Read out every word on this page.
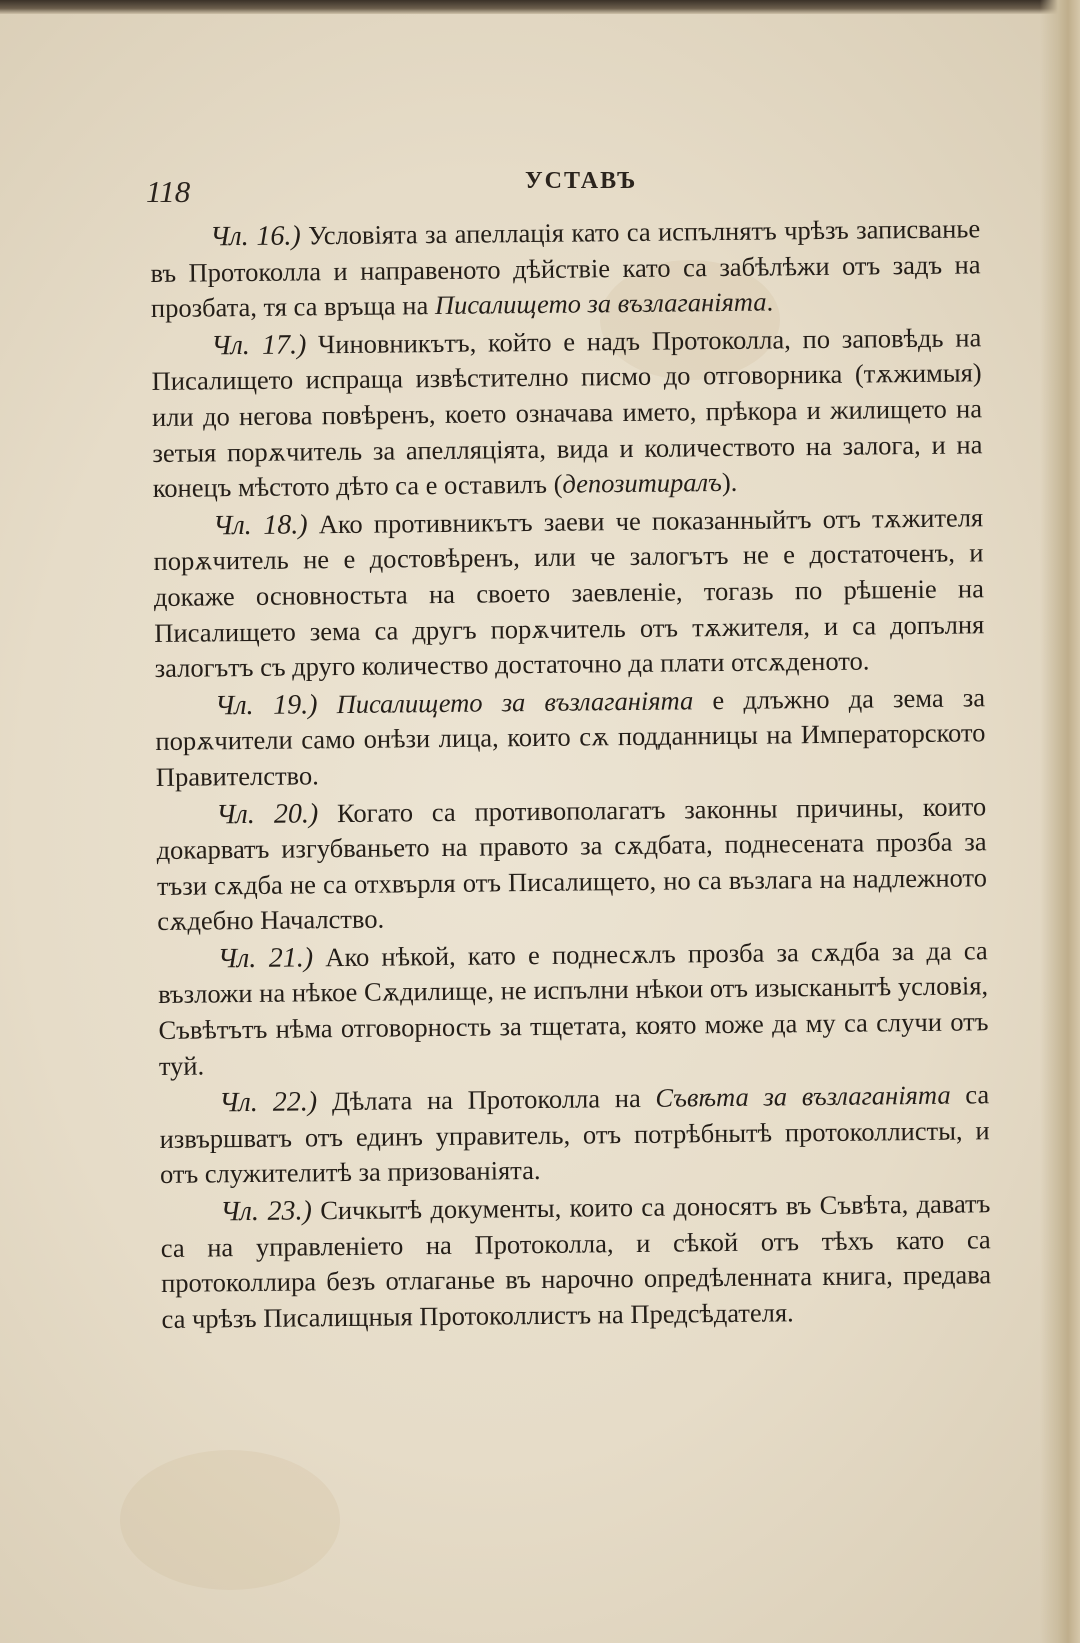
118	УСТАВЪ

Чл. 16.) Условіята за апеллація като са испълнятъ чрѣзъ записванье въ Протоколла и направеното дѣйствіе като са забѣлѣжи отъ задъ на прозбата, тя са връща на Писалището за възлаганіята.

Чл. 17.) Чиновникътъ, който е надъ Протоколла, по заповѣдь на Писалището испраща извѣстително писмо до отговорника (тѫжимыя) или до негова повѣренъ, което означава името, прѣкора и жилището на зетыя порѫчитель за апелляціята, вида и количеството на залога, и на конецъ мѣстото дѣто са е оставилъ (депозитиралъ).

Чл. 18.) Ако противникътъ заеви че показанныйтъ отъ тѫжителя порѫчитель не е достовѣренъ, или че залогътъ не е достаточенъ, и докаже основностьта на своето заевленіе, тогазь по рѣшеніе на Писалището зема са другъ порѫчитель отъ тѫжителя, и са допълня залогътъ съ друго количество достаточно да плати отсѫденото.

Чл. 19.) Писалището за възлаганіята е длъжно да зема за порѫчители само онѣзи лица, които сѫ подданницы на Императорското Правителство.

Чл. 20.) Когато са противополагатъ законны причины, които докарватъ изгубваньето на правото за сѫдбата, поднесената прозба за тъзи сѫдба не са отхвърля отъ Писалището, но са възлага на надлежното сѫдебно Началство.

Чл. 21.) Ако нѣкой, като е поднесѫлъ прозба за сѫдба за да са възложи на нѣкое Сѫдилище, не испълни нѣкои отъ изысканытѣ условія, Съвѣтътъ нѣма отговорность за тщетата, която може да му са случи отъ туй.

Чл. 22.) Дѣлата на Протоколла на Съвѣта за възлаганіята са извършватъ отъ единъ управитель, отъ потрѣбнытѣ протоколлисты, и отъ служителитѣ за призованіята.

Чл. 23.) Сичкытѣ документы, които са доносятъ въ Съвѣта, даватъ са на управленіето на Протоколла, и сѣкой отъ тѣхъ като са протоколлира безъ отлаганье въ нарочно опредѣленната книга, предава са чрѣзъ Писалищныя Протоколлистъ на Предсѣдателя.
